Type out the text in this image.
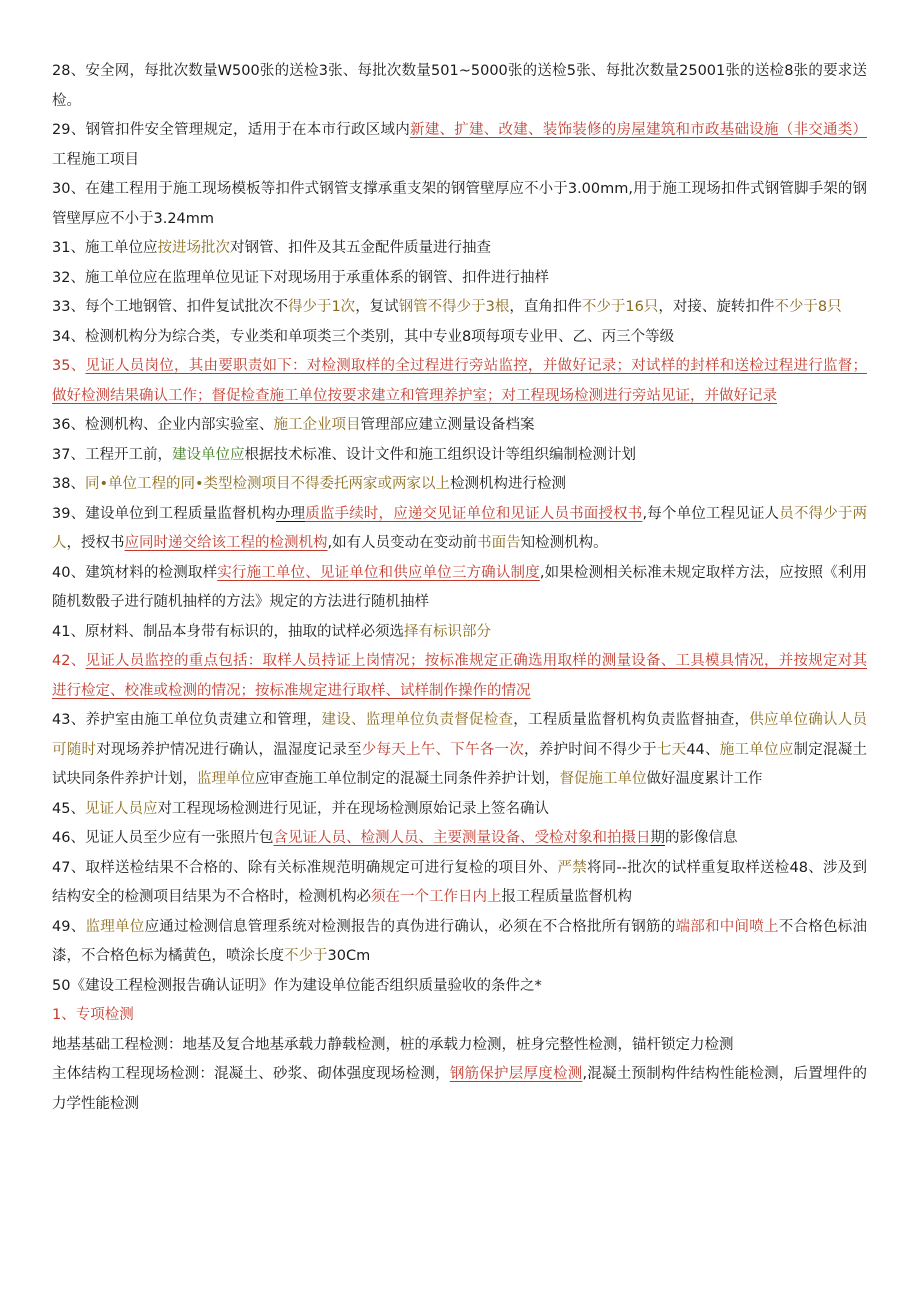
28、安全网，每批次数量W500张的送检3张、每批次数量501~5000张的送检5张、每批次数量25001张的送检8张的要求送检。

29、钢管扣件安全管理规定，适用于在本市行政区域内新建、扩建、改建、装饰装修的房屋建筑和市政基础设施（非交通类）工程施工项目

30、在建工程用于施工现场模板等扣件式钢管支撑承重支架的钢管壁厚应不小于3.00mm,用于施工现场扣件式钢管脚手架的钢管壁厚应不小于3.24mm

31、施工单位应按进场批次对钢管、扣件及其五金配件质量进行抽查

32、施工单位应在监理单位见证下对现场用于承重体系的钢管、扣件进行抽样

33、每个工地钢管、扣件复试批次不得少于1次，复试钢管不得少于3根，直角扣件不少于16只，对接、旋转扣件不少于8只

34、检测机构分为综合类，专业类和单项类三个类别，其中专业8项每项专业甲、乙、丙三个等级

35、见证人员岗位，其由要职责如下：对检测取样的全过程进行旁站监控，并做好记录；对试样的封样和送检过程进行监督；做好检测结果确认工作；督促检查施工单位按要求建立和管理养护室；对工程现场检测进行旁站见证，并做好记录

36、检测机构、企业内部实验室、施工企业项目管理部应建立测量设备档案

37、工程开工前，建设单位应根据技术标准、设计文件和施工组织设计等组织编制检测计划

38、同•单位工程的同•类型检测项目不得委托两家或两家以上检测机构进行检测

39、建设单位到工程质量监督机构办理质监手续时，应递交见证单位和见证人员书面授权书,每个单位工程见证人员不得少于两人，授权书应同时递交给该工程的检测机构,如有人员变动在变动前书面告知检测机构。

40、建筑材料的检测取样实行施工单位、见证单位和供应单位三方确认制度,如果检测相关标准未规定取样方法，应按照《利用随机数骰子进行随机抽样的方法》规定的方法进行随机抽样

41、原材料、制品本身带有标识的，抽取的试样必须选择有标识部分

42、见证人员监控的重点包括：取样人员持证上岗情况；按标准规定正确选用取样的测量设备、工具模具情况，并按规定对其进行检定、校准或检测的情况；按标准规定进行取样、试样制作操作的情况

43、养护室由施工单位负责建立和管理，建设、监理单位负责督促检查，工程质量监督机构负责监督抽查，供应单位确认人员可随时对现场养护情况进行确认，温湿度记录至少每天上午、下午各一次，养护时间不得少于七天44、施工单位应制定混凝土试块同条件养护计划，监理单位应审查施工单位制定的混凝土同条件养护计划，督促施工单位做好温度累计工作

45、见证人员应对工程现场检测进行见证，并在现场检测原始记录上签名确认

46、见证人员至少应有一张照片包含见证人员、检测人员、主要测量设备、受检对象和拍摄日期的影像信息

47、取样送检结果不合格的、除有关标准规范明确规定可进行复检的项目外、严禁将同--批次的试样重复取样送检48、涉及到结构安全的检测项目结果为不合格时，检测机构必须在一个工作日内上报工程质量监督机构

49、监理单位应通过检测信息管理系统对检测报告的真伪进行确认，必须在不合格批所有钢筋的端部和中间喷上不合格色标油漆，不合格色标为橘黄色，喷涂长度不少于30Cm

50《建设工程检测报告确认证明》作为建设单位能否组织质量验收的条件之*

1、专项检测

地基基础工程检测：地基及复合地基承载力静载检测，桩的承载力检测，桩身完整性检测，锚杆锁定力检测

主体结构工程现场检测：混凝土、砂浆、砌体强度现场检测，钢筋保护层厚度检测,混凝土预制构件结构性能检测，后置埋件的力学性能检测
